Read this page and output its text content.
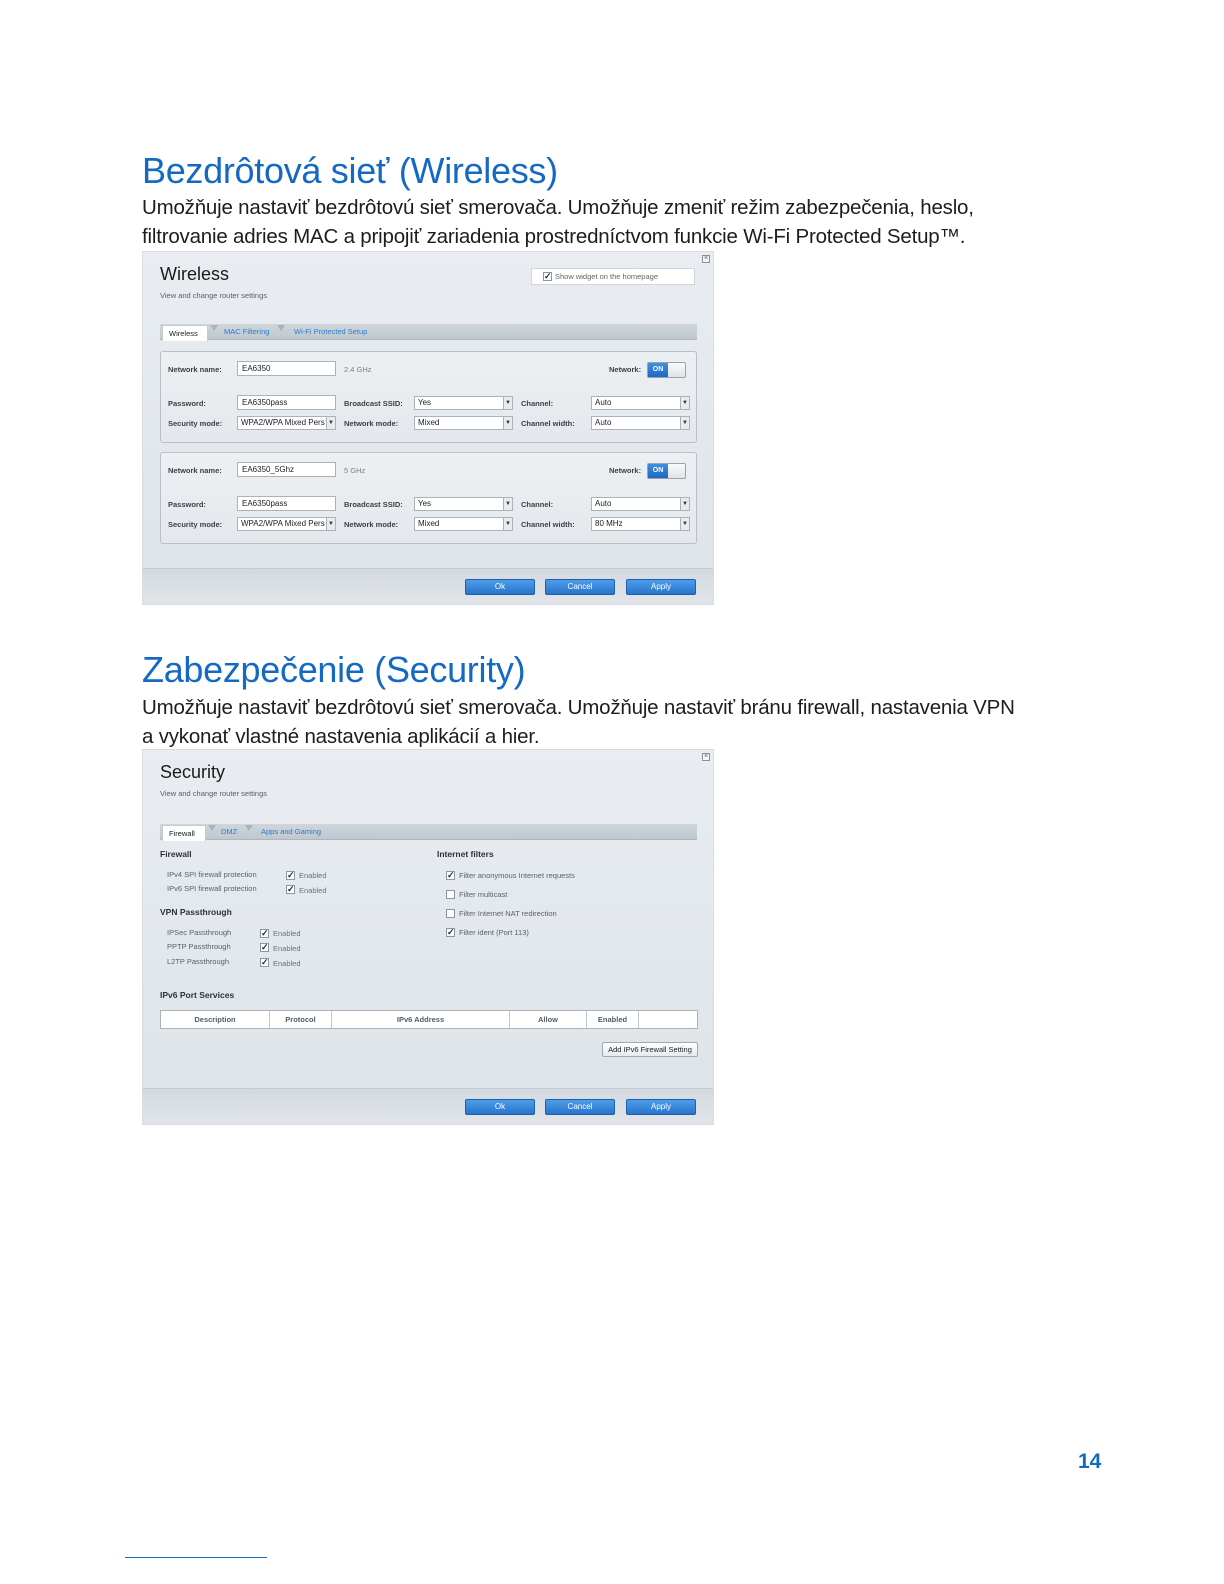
Bezdrôtová sieť (Wireless)
Umožňuje nastaviť bezdrôtovú sieť smerovača. Umožňuje zmeniť režim zabezpečenia, heslo,
filtrovanie adries MAC a pripojiť zariadenia prostredníctvom funkcie Wi-Fi Protected Setup™.
Wireless
View and change router settings
×
✓ Show widget on the homepage
Wireless	MAC Filtering	Wi-Fi Protected Setup
Network name:	EA6350	2.4 GHz	Network:	ON
Password:	EA6350pass	Broadcast SSID:	Yes	▼ Channel:	Auto	▼
Security mode:	WPA2/WPA Mixed Pers ▼ Network mode:	Mixed	▼ Channel width:	Auto	▼
Network name:	EA6350_5Ghz	5 GHz	Network:	ON
Password:	EA6350pass	Broadcast SSID:	Yes	▼ Channel:	Auto	▼
Security mode:	WPA2/WPA Mixed Pers ▼ Network mode:	Mixed	▼ Channel width:	80 MHz	▼
Ok	Cancel	Apply
Zabezpečenie (Security)
Umožňuje nastaviť bezdrôtovú sieť smerovača. Umožňuje nastaviť bránu firewall, nastavenia VPN
a vykonať vlastné nastavenia aplikácií a hier.
Security
View and change router settings
×
Firewall	DMZ	Apps and Gaming
Firewall
IPv4 SPI firewall protection	✓ Enabled
IPv6 SPI firewall protection	✓ Enabled
VPN Passthrough
IPSec Passthrough	✓ Enabled
PPTP Passthrough	✓ Enabled
L2TP Passthrough	✓ Enabled
Internet filters
✓ Filter anonymous Internet requests
Filter multicast
Filter Internet NAT redirection
✓ Filter ident (Port 113)
IPv6 Port Services
Description	Protocol	IPv6 Address	Allow	Enabled
Add IPv6 Firewall Setting
Ok	Cancel	Apply
14
